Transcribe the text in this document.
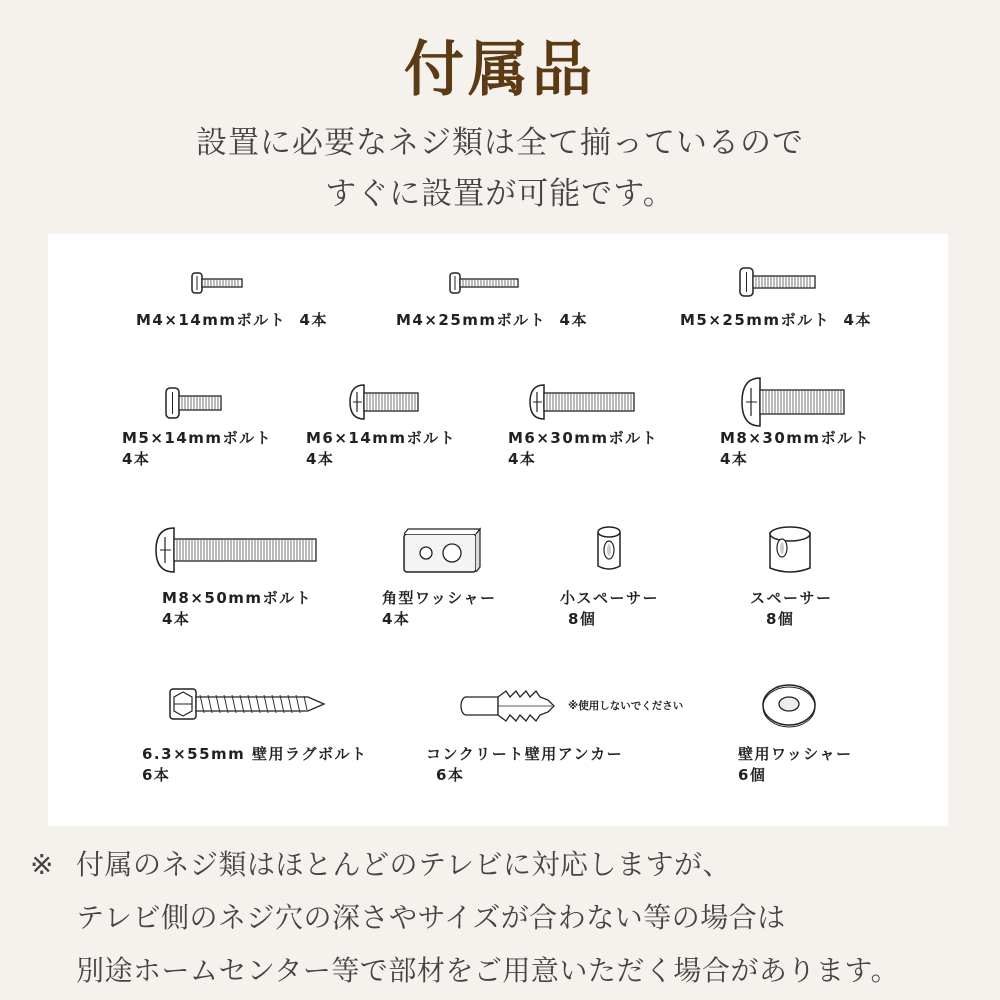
付属品
設置に必要なネジ類は全て揃っているので
すぐに設置が可能です。
M4×14mmボルト 4本	M4×25mmボルト 4本	M5×25mmボルト 4本
M5×14mmボルト
4本
M6×14mmボルト
4本
M6×30mmボルト
4本
M8×30mmボルト
4本
M8×50mmボルト
4本
角型ワッシャー
4本
小スペーサー
8個
スペーサー
8個
6.3×55mm 壁用ラグボルト
6本
※使用しないでください
コンクリート壁用アンカー
6本
壁用ワッシャー
6個
※ 付属のネジ類はほとんどのテレビに対応しますが、
テレビ側のネジ穴の深さやサイズが合わない等の場合は
別途ホームセンター等で部材をご用意いただく場合があります。
